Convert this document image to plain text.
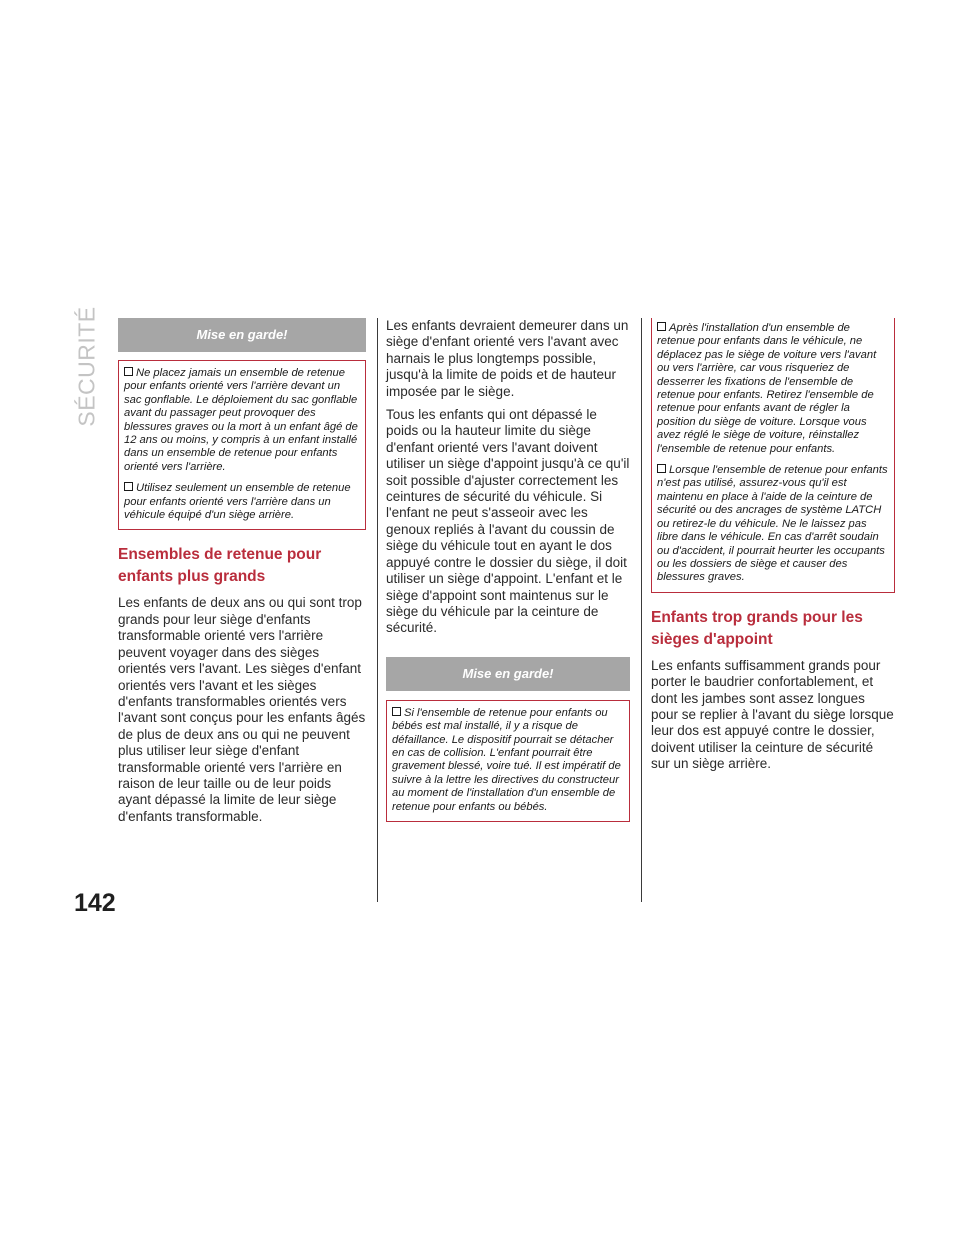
SÉCURITÉ	Mise en garde!

Ne placez jamais un ensemble de retenue pour enfants orienté vers l'arrière devant un sac gonflable. Le déploiement du sac gonflable avant du passager peut provoquer des blessures graves ou la mort à un enfant âgé de 12 ans ou moins, y compris à un enfant installé dans un ensemble de retenue pour enfants orienté vers l'arrière.

Utilisez seulement un ensemble de retenue pour enfants orienté vers l'arrière dans un véhicule équipé d'un siège arrière.

Ensembles de retenue pour enfants plus grands

Les enfants de deux ans ou qui sont trop grands pour leur siège d'enfants transformable orienté vers l'arrière peuvent voyager dans des sièges orientés vers l'avant. Les sièges d'enfant orientés vers l'avant et les sièges d'enfants transformables orientés vers l'avant sont conçus pour les enfants âgés de plus de deux ans ou qui ne peuvent plus utiliser leur siège d'enfant transformable orienté vers l'arrière en raison de leur taille ou de leur poids ayant dépassé la limite de leur siège d'enfants transformable.

Les enfants devraient demeurer dans un siège d'enfant orienté vers l'avant avec harnais le plus longtemps possible, jusqu'à la limite de poids et de hauteur imposée par le siège.

Tous les enfants qui ont dépassé le poids ou la hauteur limite du siège d'enfant orienté vers l'avant doivent utiliser un siège d'appoint jusqu'à ce qu'il soit possible d'ajuster correctement les ceintures de sécurité du véhicule. Si l'enfant ne peut s'asseoir avec les genoux repliés à l'avant du coussin de siège du véhicule tout en ayant le dos appuyé contre le dossier du siège, il doit utiliser un siège d'appoint. L'enfant et le siège d'appoint sont maintenus sur le siège du véhicule par la ceinture de sécurité.

Mise en garde!

Si l'ensemble de retenue pour enfants ou bébés est mal installé, il y a risque de défaillance. Le dispositif pourrait se détacher en cas de collision. L'enfant pourrait être gravement blessé, voire tué. Il est impératif de suivre à la lettre les directives du constructeur au moment de l'installation d'un ensemble de retenue pour enfants ou bébés.

Après l'installation d'un ensemble de retenue pour enfants dans le véhicule, ne déplacez pas le siège de voiture vers l'avant ou vers l'arrière, car vous risqueriez de desserrer les fixations de l'ensemble de retenue pour enfants. Retirez l'ensemble de retenue pour enfants avant de régler la position du siège de voiture. Lorsque vous avez réglé le siège de voiture, réinstallez l'ensemble de retenue pour enfants.

Lorsque l'ensemble de retenue pour enfants n'est pas utilisé, assurez-vous qu'il est maintenu en place à l'aide de la ceinture de sécurité ou des ancrages de système LATCH ou retirez-le du véhicule. Ne le laissez pas libre dans le véhicule. En cas d'arrêt soudain ou d'accident, il pourrait heurter les occupants ou les dossiers de siège et causer des blessures graves.

Enfants trop grands pour les sièges d'appoint

Les enfants suffisamment grands pour porter le baudrier confortablement, et dont les jambes sont assez longues pour se replier à l'avant du siège lorsque leur dos est appuyé contre le dossier, doivent utiliser la ceinture de sécurité sur un siège arrière.

142
